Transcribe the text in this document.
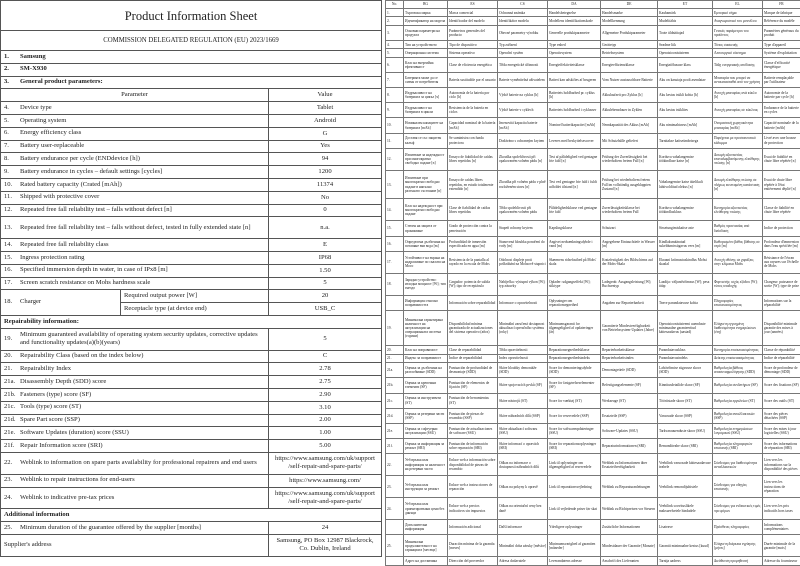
Product Information Sheet		
COMMISSION DELEGATED REGULATION (EU) 2023/1669		
1. Samsung		
2. SM-X930		
3. General product parameters:		
Parameter		Value
4. Device type		Tablet
5. Operating system		Android
6. Energy efficiency class		G
7. Battery user-replaceable		Yes
8. Battery endurance per cycle (ENDdevice [h])		94
9. Battery endurance in cycles – default settings [cycles]		1200
10. Rated battery capacity (Crated [mAh])		11374
11. Shipped with protective cover		No
12. Repeated free fall reliability test – falls without defect [n]		0
13. Repeated free fall reliability test – falls without defect, tested in fully extended state [n]		n.a.
14. Repeated free fall reliability class		E
15. Ingress protection rating		IP68
16. Specified immersion depth in water, in case of IPx8 [m]		1.50
17. Screen scratch resistance on Mohs hardness scale		5
18. Charger	Required output power [W]	20
	Receptacle type (at device end)	USB_C
Repairability information:		
19.Minimum guaranteed availability of operating system security updates, corrective updates and functionality updates(a)(b)(years)		5
20. Repairability Class (based on the index below)		C
21. Repairability Index		2.78
21a. Disassembly Depth (SDD) score		2.75
21b. Fasteners (type) score (SF)		2.90
21c. Tools (type) score (ST)		3.10
21d. Spare Part score (SSP)		2.00
21e. Software Updates (duration) score (SSU)		1.00
21f. Repair Information score (SRI)		5.00
22. Weblink to information on spare parts availability for professional repairers and end users		https://www.samsung.com/uk/support /self-repair-and-spare-parts/
23. Weblink to repair instructions for end-users		https://www.samsung.com/
24. Weblink to indicative pre-tax prices		https://www.samsung.com/uk/support /self-repair-and-spare-parts/
Additional information		
25. Minimum duration of the guarantee offered by the supplier [months]		24
Supplier's address		Samsung, PO Box 12987 Blackrock, Co. Dublin, Ireland
No.	BG	ES	CS	DA	DE	ET	EL	FR
1.	Търговска марка	Marca comercial	Ochranná známka	Handelsbetegnelse	Handelsmarke	Kaubamärk	Εμπορικό σήμα	Marque de fabrique
2.	Идентификатор на модела	Identificador del modelo	Identifikátor modelu	Modellens identifikationskode	Modellkennung	Mudelitähis	Αναγνωριστικό του μοντέλου	Référence du modèle
3.	Основни параметри на продукта	Parámetros generales del producto	Obecné parametry výrobku	Generelle produktparametre	Allgemeine Produktparameter	Toote üldnäitajad	Γενικές παράμετροι του προϊόντος	Paramètres généraux du produit
4.	Тип на устройството	Tipo de dispositivo	Typ zařízení	Type enhed	Gerätetyp	Seadme liik	Τύπος συσκευής	Type d'appareil
5.	Операционна система	Sistema operativo	Operační systém	Operativsystem	Betriebssystem	Operatsioonisüsteem	Λειτουργικό σύστημα	Système d'exploitation
6.	Клас на енергийна ефективност	Clase de eficiencia energética	Třída energetické účinnosti	Energieffektivitetsklasse	Energieeffizienzklasse	Energiatõhususe klass	Τάξη ενεργειακής απόδοσης	Classe d'efficacité énergétique
7.	Батерията може да се сменя от потребителя	Batería sustituible por el usuario	Baterie vyměnitelná uživatelem	Batteri kan udskiftes af brugeren	Vom Nutzer austauschbare Batterie	Aku on kasutaja poolt asendatav	Μπαταρία που μπορεί να αντικατασταθεί από τον χρήστη	Batterie remplaçable par l'utilisateur
8.	Издръжливост на батерията за цикъл [ч]	Autonomía de la batería por ciclo [h]	Výdrž baterie na cyklus [h]	Batteriets holdbarhed pr. cyklus [h]	Akkulaufzeit pro Zyklus [h]	Aku kestus tsükli kohta [h]	Αντοχή μπαταρίας ανά κύκλο [h]	Autonomie de la batterie par cycle [h]
9.	Издръжливост на батерията в цикли	Resistencia de la batería en ciclos	Výdrž baterie v cyklech	Batteriets holdbarhed i cyklusser	Akkulebensdauer in Zyklen	Aku kestus tsüklites	Αντοχή μπαταρίας σε κύκλους	Endurance de la batterie en cycles
10.	Номинален капацитет на батерията [mAh]	Capacidad nominal de la batería [mAh]	Jmenovitá kapacita baterie [mAh]	Nominel batterikapacitet [mAh]	Nennkapazität des Akkus [mAh]	Aku nimimahtuvus [mAh]	Ονομαστική χωρητικότητα μπαταρίας [mAh]	Capacité nominale de la batterie [mAh]
11.	Доставя се със защитен калъф	Se suministra con funda protectora	Dodáváno s ochranným krytem	Leveres med beskyttelsescover	Mit Schutzhülle geliefert	Tarnitakse kaitseümbrisega	Παρέχεται με προστατευτικό κάλυμμα	Livré avec une housse de protection
12.	Изпитване за надеждност при многократно свободно падане [n]	Ensayo de fiabilidad de caídas libres repetidas [n]	Zkouška spolehlivosti při opakovaném volném pádu [n]	Test af pålidelighed ved gentagne frie fald [n]	Prüfung der Zuverlässigkeit bei wiederholtem freiem Fall [n]	Korduva vabalangemise töökindluse katse [n]	Δοκιμή αξιοπιστίας επαναλαμβανόμενης ελεύθερης πτώσης [n]	Essai de fiabilité en chute libre répétée [n]
13.	Изпитване при многократно свободно падане в напълно разгънато състояние [n]	Ensayo de caídas libres repetidas, en estado totalmente extendido [n]	Zkouška při volném pádu v plně rozloženém stavu [n]	Test ved gentagne frie fald i fuldt udfoldet tilstand [n]	Prüfung bei wiederholtem freiem Fall im vollständig ausgeklappten Zustand [n]	Vabalangemise katse täielikult lahtivolditud olekus [n]	Δοκιμή ελεύθερης πτώσης σε πλήρως εκτεταμένη κατάσταση [n]	Essai de chute libre répétée à l'état entièrement déplié [n]
14.	Клас на надеждност при многократно свободно падане	Clase de fiabilidad de caídas libres repetidas	Třída spolehlivosti při opakovaném volném pádu	Pålidelighedsklasse ved gentagne frie fald	Zuverlässigkeitsklasse bei wiederholtem freiem Fall	Korduva vabalangemise töökindlusklass	Κατηγορία αξιοπιστίας ελεύθερης πτώσης	Classe de fiabilité en chute libre répétée
15.	Степен на защита от проникване	Grado de protección contra la penetración	Stupeň ochrany krytem	Kapslingsklasse	Schutzart	Sissetungimiskaitse aste	Βαθμός προστασίας από διείσδυση	Indice de protection
16.	Определена дълбочина на потапяне във вода [m]	Profundidad de inmersión especificada en agua [m]	Stanovená hloubka ponoření do vody [m]	Angivet nedsænkningsdybde i vand [m]	Angegebene Eintauchtiefe in Wasser [m]	Kindlaksmääratud sukeldumissügavus vees [m]	Καθορισμένο βάθος βύθισης σε νερό [m]	Profondeur d'immersion dans l'eau spécifiée [m]
17.	Устойчивост на екрана на надраскване по скалата на Моос	Resistencia de la pantalla al rayado en la escala de Mohs	Odolnost displeje proti poškrábání na Mohsově stupnici	Skærmens ridsefasthed på Mohs' skala	Kratzfestigkeit des Bildschirms auf der Mohs-Skala	Ekraani kriimustuskindlus Mohsi skaalal	Αντοχή οθόνης σε χαράξεις στην κλίμακα Mohs	Résistance de l'écran aux rayures sur l'échelle de Mohs
18.	Зарядно устройство: изходна мощност [W]; тип гнездо	Cargador: potencia de salida [W]; tipo de receptáculo	Nabíječka: výstupní výkon [W]; typ zásuvky	Oplader: udgangseffekt [W]; stiktype	Ladegerät: Ausgangsleistung [W]; Buchsentyp	Laadija: väljundvõimsus [W]; pesa tüüp	Φορτιστής: ισχύς εξόδου [W]; τύπος υποδοχής	Chargeur: puissance de sortie [W]; type de prise
	Информация относно поправимостта	Información sobre reparabilidad	Informace o opravitelnosti	Oplysninger om reparationsegnethed	Angaben zur Reparierbarkeit	Teave parandatavuse kohta	Πληροφορίες επισκευασιμότητας	Informations sur la réparabilité
19.	Минимална гарантирана наличност на актуализации на операционната система (години)	Disponibilidad mínima garantizada de actualizaciones del sistema operativo (años)	Minimální zaručená dostupnost aktualizací operačního systému (roky)	Minimumsgaranti for tilgængelighed af opdateringer (år)	Garantierte Mindestverfügbarkeit von Betriebssystem-Updates (Jahre)	Operatsioonisüsteemi uuenduste minimaalne garanteeritud kättesaadavus (aastad)	Ελάχιστη εγγυημένη διαθεσιμότητα ενημερώσεων (έτη)	Disponibilité minimale garantie des mises à jour (années)
20.	Клас на поправимост	Clase de reparabilidad	Třída opravitelnosti	Reparationsegnethedsklasse	Reparierbarkeitsklasse	Parandatavusklass	Κατηγορία επισκευασιμότητας	Classe de réparabilité
21.	Индекс за поправимост	Índice de reparabilidad	Index opravitelnosti	Reparationsegnethedsindeks	Reparierbarkeitsindex	Parandatavusindeks	Δείκτης επισκευασιμότητας	Indice de réparabilité
21a.	Оценка за дълбочина на разглобяване (SDD)	Puntuación de profundidad de desmontaje (SDD)	Skóre hloubky demontáže (SDD)	Score for demonteringsdybde (SDD)	Demontagetiefe (SDD)	Lahtivõtmise sügavuse skoor (SDD)	Βαθμολογία βάθους αποσυναρμολόγησης (SDD)	Score de profondeur de démontage (SDD)
21b.	Оценка за крепежни елементи (SF)	Puntuación de elementos de fijación (SF)	Skóre spojovacích prvků (SF)	Score for fastgørelseselementer (SF)	Befestigungselemente (SF)	Kinnitusdetailide skoor (SF)	Βαθμολογία συνδετήρων (SF)	Score des fixations (SF)
21c.	Оценка за инструменти (ST)	Puntuación de herramientas (ST)	Skóre nástrojů (ST)	Score for værktøj (ST)	Werkzeuge (ST)	Tööriistade skoor (ST)	Βαθμολογία εργαλείων (ST)	Score des outils (ST)
21d.	Оценка за резервни части (SSP)	Puntuación de piezas de recambio (SSP)	Skóre náhradních dílů (SSP)	Score for reservedele (SSP)	Ersatzteile (SSP)	Varuosade skoor (SSP)	Βαθμολογία ανταλλακτικών (SSP)	Score des pièces détachées (SSP)
21e.	Оценка за софтуерни актуализации (SSU)	Puntuación de actualizaciones de software (SSU)	Skóre aktualizací softwaru (SSU)	Score for softwareopdateringer (SSU)	Software-Updates (SSU)	Tarkvarauuenduste skoor (SSU)	Βαθμολογία ενημερώσεων λογισμικού (SSU)	Score des mises à jour logicielles (SSU)
21f.	Оценка за информация за ремонт (SRI)	Puntuación de información sobre reparación (SRI)	Skóre informací o opravách (SRI)	Score for reparationsoplysninger (SRI)	Reparaturinformationen (SRI)	Remonditeabe skoor (SRI)	Βαθμολογία πληροφοριών επισκευής (SRI)	Score des informations de réparation (SRI)
22.	Уеб връзка към информация за наличност на резервни части	Enlace web a información sobre disponibilidad de piezas de recambio	Odkaz na informace o dostupnosti náhradních dílů	Link til oplysninger om tilgængelighed af reservedele	Weblink zu Informationen über Ersatzteilverfügbarkeit	Veebilink varuosade kättesaadavuse teabele	Σύνδεσμος για διαθεσιμότητα ανταλλακτικών	Lien vers les informations sur la disponibilité des pièces
23.	Уеб връзка към инструкции за ремонт	Enlace web a instrucciones de reparación	Odkaz na pokyny k opravě	Link til reparationsvejledning	Weblink zu Reparaturanleitungen	Veebilink remondijuhistele	Σύνδεσμος για οδηγίες επισκευής	Lien vers les instructions de réparation
24.	Уеб връзка към ориентировъчни цени без данъци	Enlace web a precios indicativos sin impuestos	Odkaz na orientační ceny bez daně	Link til vejledende priser før skat	Weblink zu Richtpreisen vor Steuern	Veebilink soovituslikele maksueelsetele hindadele	Σύνδεσμος για ενδεικτικές τιμές προ φόρων	Lien vers les prix indicatifs hors taxes
	Допълнителна информация	Información adicional	Další informace	Yderligere oplysninger	Zusätzliche Informationen	Lisateave	Πρόσθετες πληροφορίες	Informations complémentaires
25.	Минимална продължителност на гаранцията [месеци]	Duración mínima de la garantía [meses]	Minimální doba záruky [měsíce]	Minimumsvarighed af garantien [måneder]	Mindestdauer der Garantie [Monate]	Garantii minimaalne kestus [kuud]	Ελάχιστη διάρκεια εγγύησης [μήνες]	Durée minimale de la garantie [mois]
	Адрес на доставчика	Dirección del proveedor	Adresa dodavatele	Leverandørens adresse	Anschrift des Lieferanten	Tarnija aadress	Διεύθυνση προμηθευτή	Adresse du fournisseur
